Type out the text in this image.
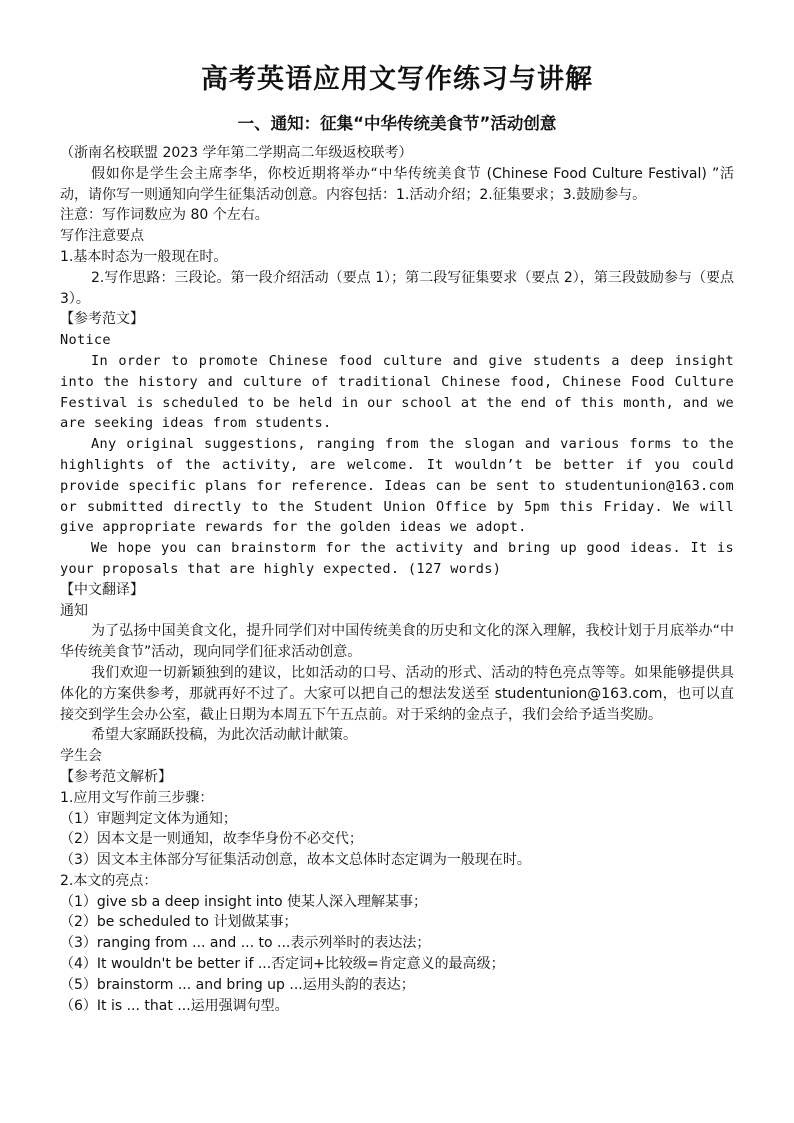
高考英语应用文写作练习与讲解
一、通知：征集“中华传统美食节”活动创意

（浙南名校联盟 2023 学年第二学期高二年级返校联考）

假如你是学生会主席李华，你校近期将举办“中华传统美食节 (Chinese Food Culture Festival) ”活动，请你写一则通知向学生征集活动创意。内容包括：1.活动介绍；2.征集要求；3.鼓励参与。

注意：写作词数应为 80 个左右。

写作注意要点

1.基本时态为一般现在时。

2.写作思路：三段论。第一段介绍活动（要点 1）；第二段写征集要求（要点 2），第三段鼓励参与（要点 3）。

【参考范文】

Notice

In order to promote Chinese food culture and give students a deep insight into the history and culture of traditional Chinese food, Chinese Food Culture Festival is scheduled to be held in our school at the end of this month, and we are seeking ideas from students.

Any original suggestions, ranging from the slogan and various forms to the highlights of the activity, are welcome. It wouldn’t be better if you could provide specific plans for reference. Ideas can be sent to studentunion@163.com or submitted directly to the Student Union Office by 5pm this Friday. We will give appropriate rewards for the golden ideas we adopt.

We hope you can brainstorm for the activity and bring up good ideas. It is your proposals that are highly expected. (127 words)

【中文翻译】

通知

为了弘扬中国美食文化，提升同学们对中国传统美食的历史和文化的深入理解，我校计划于月底举办“中华传统美食节”活动，现向同学们征求活动创意。

我们欢迎一切新颖独到的建议，比如活动的口号、活动的形式、活动的特色亮点等等。如果能够提供具体化的方案供参考，那就再好不过了。大家可以把自己的想法发送至 studentunion@163.com，也可以直接交到学生会办公室，截止日期为本周五下午五点前。对于采纳的金点子，我们会给予适当奖励。

希望大家踊跃投稿，为此次活动献计献策。

学生会

【参考范文解析】

1.应用文写作前三步骤：

（1）审题判定文体为通知；

（2）因本文是一则通知，故李华身份不必交代；

（3）因文本主体部分写征集活动创意，故本文总体时态定调为一般现在时。

2.本文的亮点：

（1）give sb a deep insight into 使某人深入理解某事；

（2）be scheduled to 计划做某事；

（3）ranging from ... and ... to ...表示列举时的表达法；

（4）It wouldn't be better if ...否定词+比较级=肯定意义的最高级；

（5）brainstorm ... and bring up ...运用头韵的表达；

（6）It is ... that ...运用强调句型。
